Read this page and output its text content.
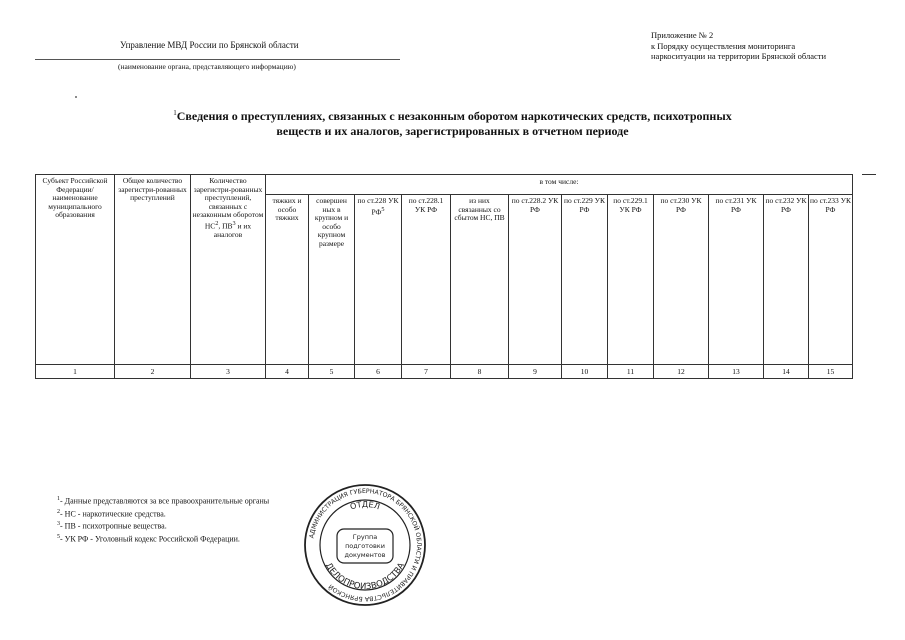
Управление МВД России по Брянской области
(наименование органа, представляющего информацию)
Приложение № 2
к Порядку осуществления мониторинга
наркоситуации на территории Брянской области
$^1$Сведения о преступлениях, связанных с незаконным оборотом наркотических средств, психотропных
веществ и их аналогов, зарегистрированных в отчетном периоде
Субъект Российской Федерации/ наименование муниципального образования	Общее количество зарегистри-рованных преступлений	Количество зарегистри-рованных преступлений, связанных с незаконным оборотом $НС^2$, $ПВ^3$ и их аналогов	в том числе:											
			тяжких и особо тяжких	совершен ных в крупном и особо крупном размере	по ст.228 УК $РФ^5$	по ст.228.1 УК РФ	из них связанных со сбытом НС, ПВ	по ст.228.2 УК РФ	по ст.229 УК РФ	по ст.229.1 УК РФ	по ст.230 УК РФ	по ст.231 УК РФ	по ст.232 УК РФ	по ст.233 УК РФ
1	2	3	4	5	6	7	8	9	10	11	12	13	14	15
$^1$- Данные представляются за все правоохранительные органы
$^2$- НС - наркотические средства.
$^3$- ПВ - психотропные вещества.
$^5$- УК РФ - Уголовный кодекс Российской Федерации.	АДМИНИСТРАЦИЯ ГУБЕРНАТОРА БРЯНСКОЙ ОБЛАСТИ И ПРАВИТЕЛЬСТВА БРЯНСКОЙ
ОТДЕЛ
ДЕЛОПРОИЗВОДСТВА
Группа
подготовки
документов
